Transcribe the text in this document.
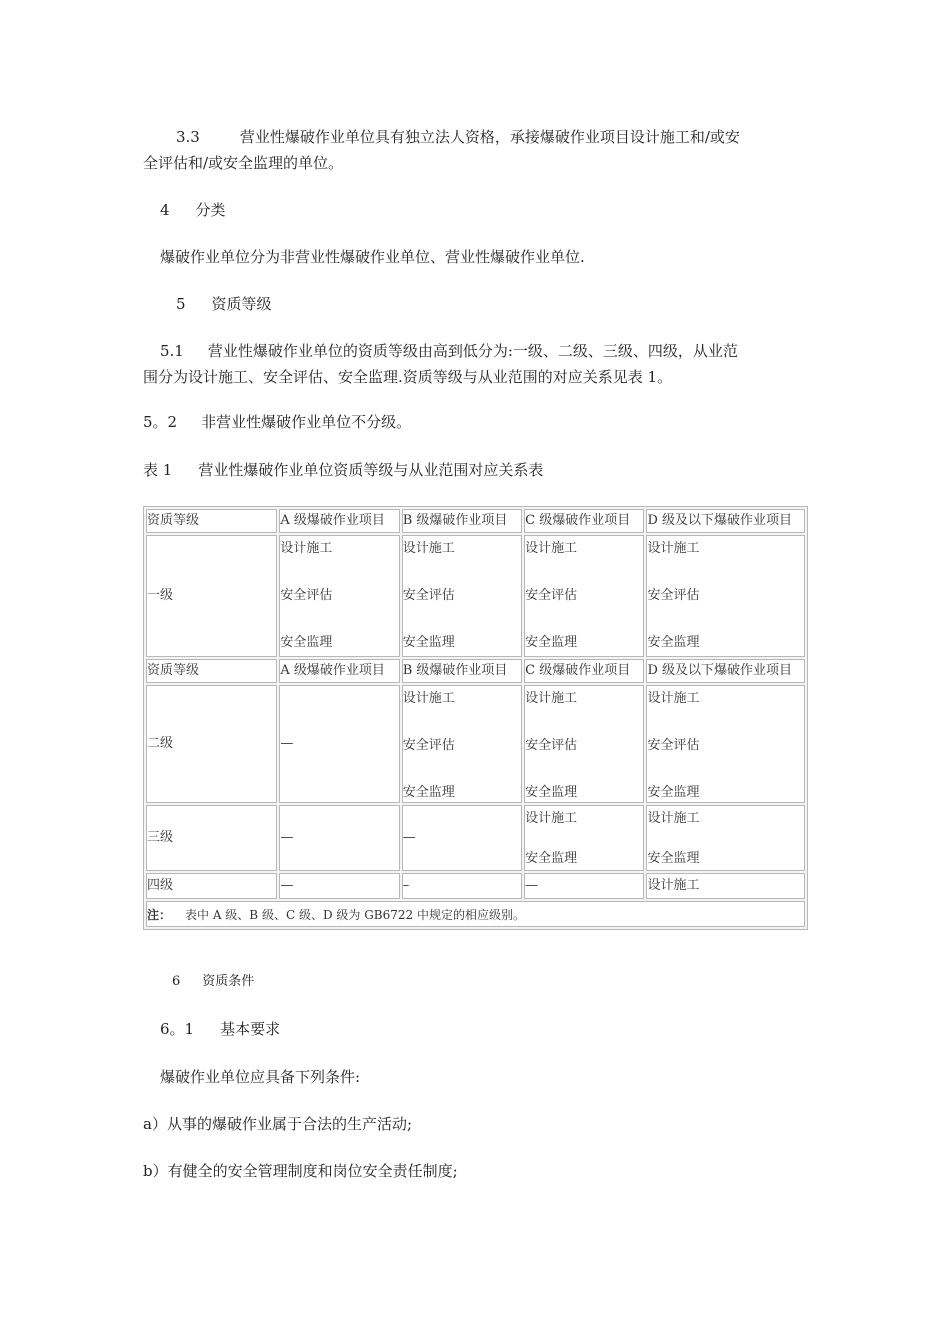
3.3	营业性爆破作业单位具有独立法人资格，承接爆破作业项目设计施工和/或安
全评估和/或安全监理的单位。
4 分类
爆破作业单位分为非营业性爆破作业单位、营业性爆破作业单位.
5 资质等级
5.1 营业性爆破作业单位的资质等级由高到低分为:一级、二级、三级、四级，从业范
围分为设计施工、安全评估、安全监理.资质等级与从业范围的对应关系见表 1。
5。2 非营业性爆破作业单位不分级。
表 1 营业性爆破作业单位资质等级与从业范围对应关系表
资质等级	A 级爆破作业项目	B 级爆破作业项目	C 级爆破作业项目	D 级及以下爆破作业项目
一级	设计施工
安全评估
安全监理	设计施工
安全评估
安全监理	设计施工
安全评估
安全监理	设计施工
安全评估
安全监理

资质等级	A 级爆破作业项目	B 级爆破作业项目	C 级爆破作业项目	D 级及以下爆破作业项目
二级	—	设计施工
安全评估
安全监理	设计施工
安全评估
安全监理	设计施工
安全评估
安全监理

三级	—	—	设计施工
安全监理	设计施工
安全监理

四级	—	–	—	设计施工
注： 表中 A 级、B 级、C 级、D 级为 GB6722 中规定的相应级别。				
6 资质条件
6。1 基本要求
爆破作业单位应具备下列条件:
a）从事的爆破作业属于合法的生产活动;
b）有健全的安全管理制度和岗位安全责任制度;
